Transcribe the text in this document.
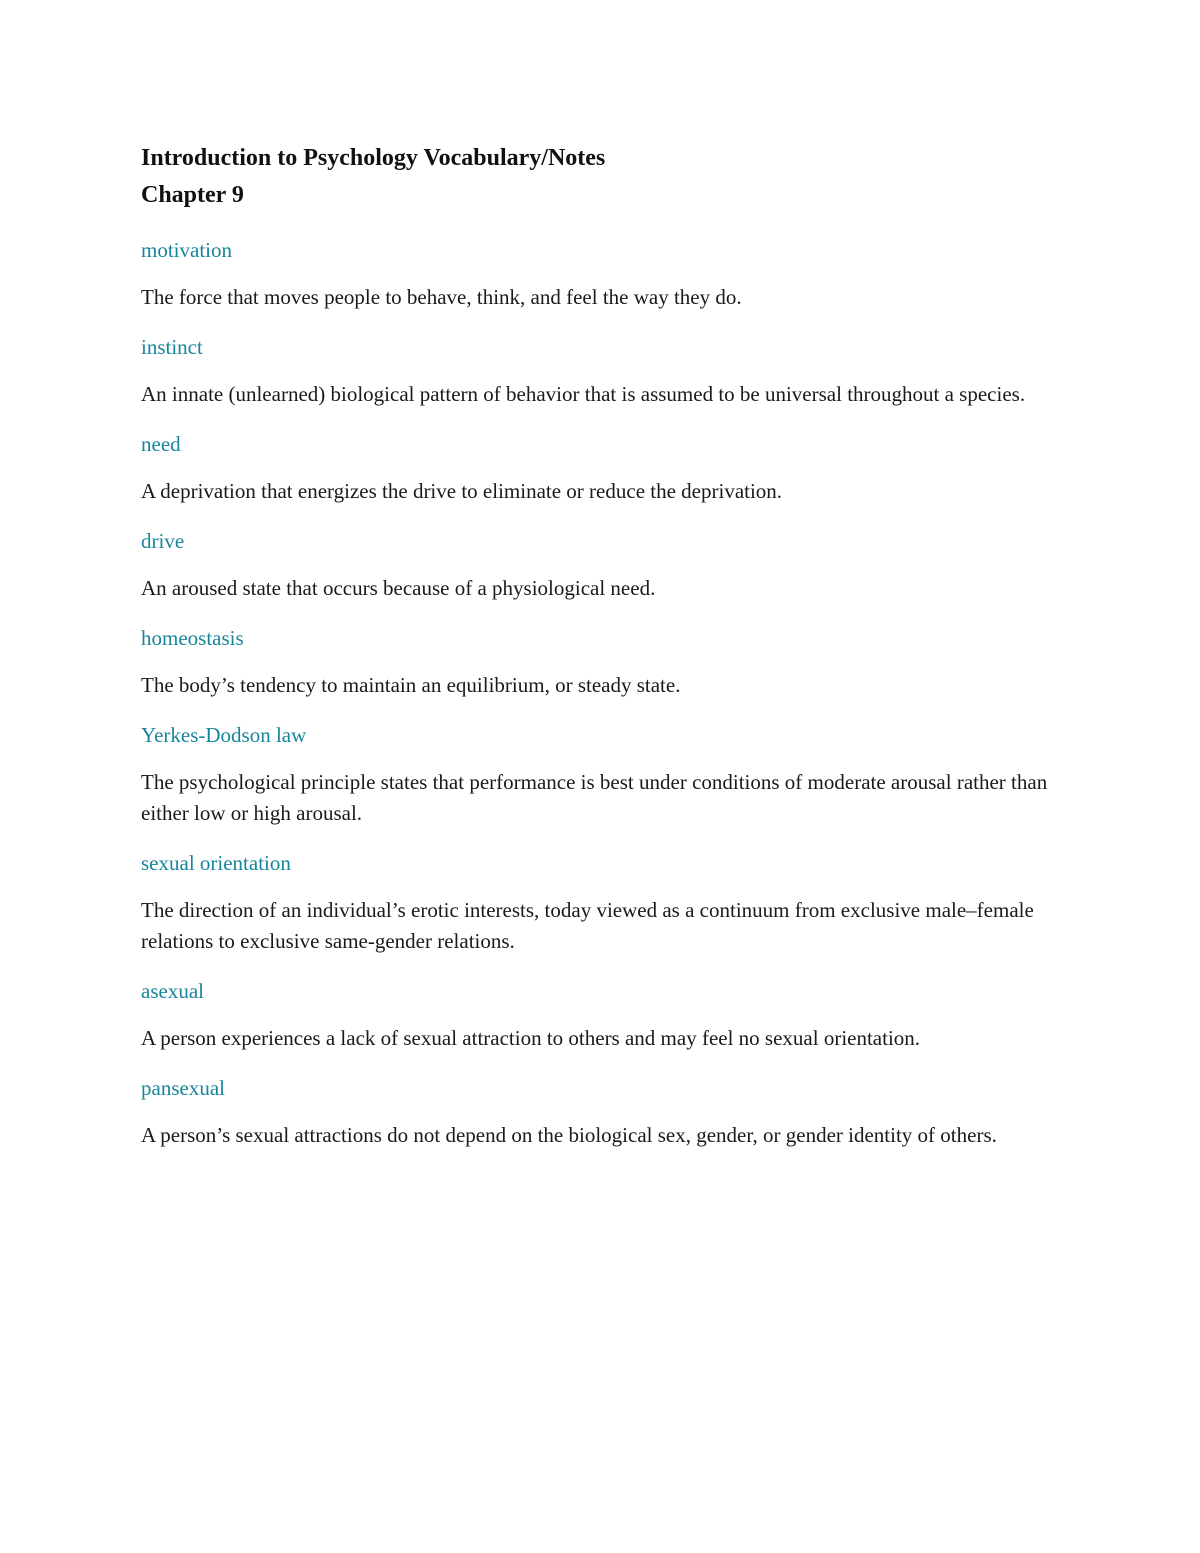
Introduction to Psychology Vocabulary/Notes
Chapter 9

motivation

The force that moves people to behave, think, and feel the way they do.

instinct

An innate (unlearned) biological pattern of behavior that is assumed to be universal throughout a species.

need

A deprivation that energizes the drive to eliminate or reduce the deprivation.

drive

An aroused state that occurs because of a physiological need.

homeostasis

The body’s tendency to maintain an equilibrium, or steady state.

Yerkes-Dodson law

The psychological principle states that performance is best under conditions of moderate arousal rather than either low or high arousal.

sexual orientation

The direction of an individual’s erotic interests, today viewed as a continuum from exclusive male–female relations to exclusive same-gender relations.

asexual

A person experiences a lack of sexual attraction to others and may feel no sexual orientation.

pansexual

A person’s sexual attractions do not depend on the biological sex, gender, or gender identity of others.
